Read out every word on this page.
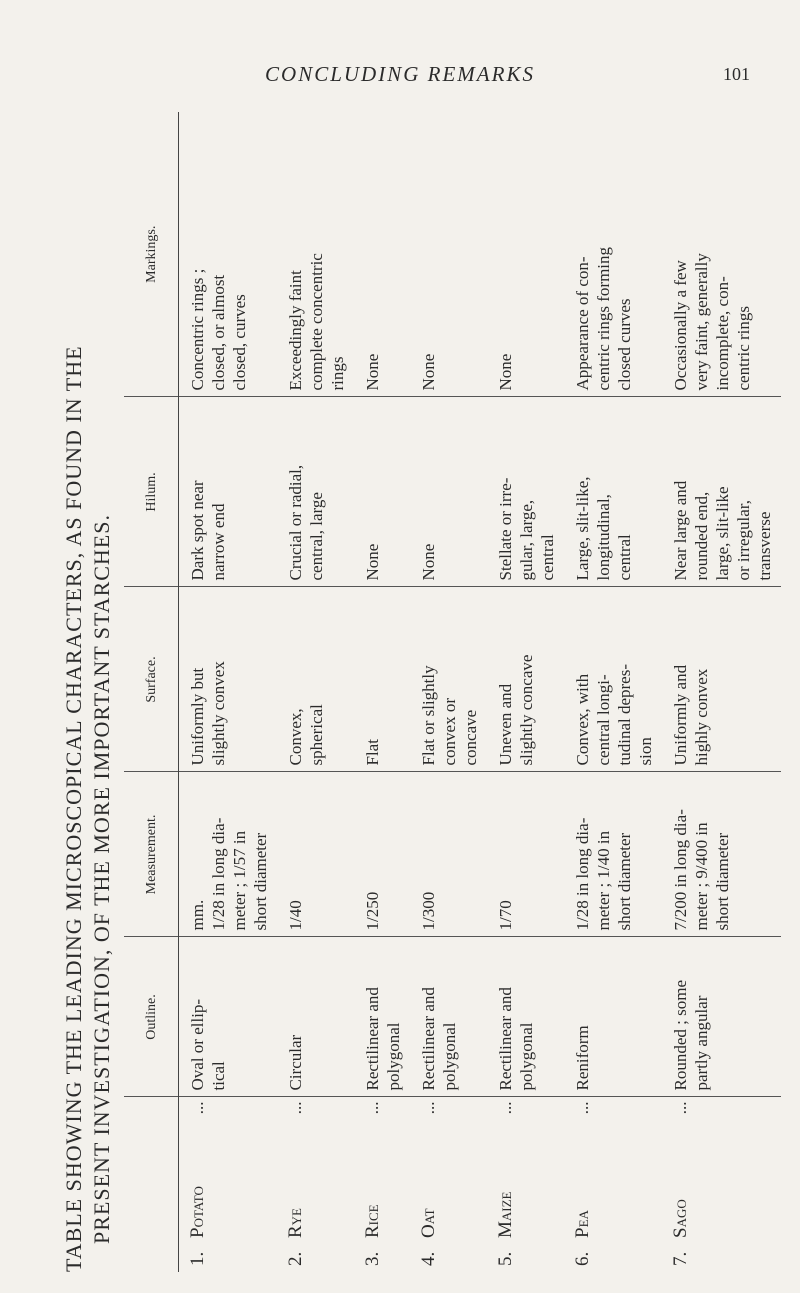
CONCLUDING REMARKS	101
TABLE SHOWING THE LEADING MICROSCOPICAL CHARACTERS, AS FOUND IN THE PRESENT INVESTIGATION, OF THE MORE IMPORTANT STARCHES.
	Outline.	Measurement.	Surface.	Hilum.	Markings.
1.Potato
...	Oval or ellip-
tical	mm.
1/28 in long dia-
meter ; 1/57 in
short diameter	Uniformly but
slightly convex	Dark spot near
narrow end	Concentric rings ;
closed, or almost
closed, curves
2.Rye
...	Circular	1/40	Convex,
spherical	Crucial or radial,
central, large	Exceedingly faint
complete concentric
rings
3.Rice
...	Rectilinear and
polygonal	1/250	Flat	None	None
4.Oat
...	Rectilinear and
polygonal	1/300	Flat or slightly
convex or
concave	None	None
5.Maize
...	Rectilinear and
polygonal	1/70	Uneven and
slightly concave	Stellate or irre-
gular, large,
central	None
6.Pea
...	Reniform	1/28 in long dia-
meter ; 1/40 in
short diameter	Convex, with
central longi-
tudinal depres-
sion	Large, slit-like,
longitudinal,
central	Appearance of con-
centric rings forming
closed curves
7.Sago
...	Rounded ; some
partly angular	7/200 in long dia-
meter ; 9/400 in
short diameter	Uniformly and
highly convex	Near large and
rounded end,
large, slit-like
or irregular,
transverse	Occasionally a few
very faint, generally
incomplete, con-
centric rings
